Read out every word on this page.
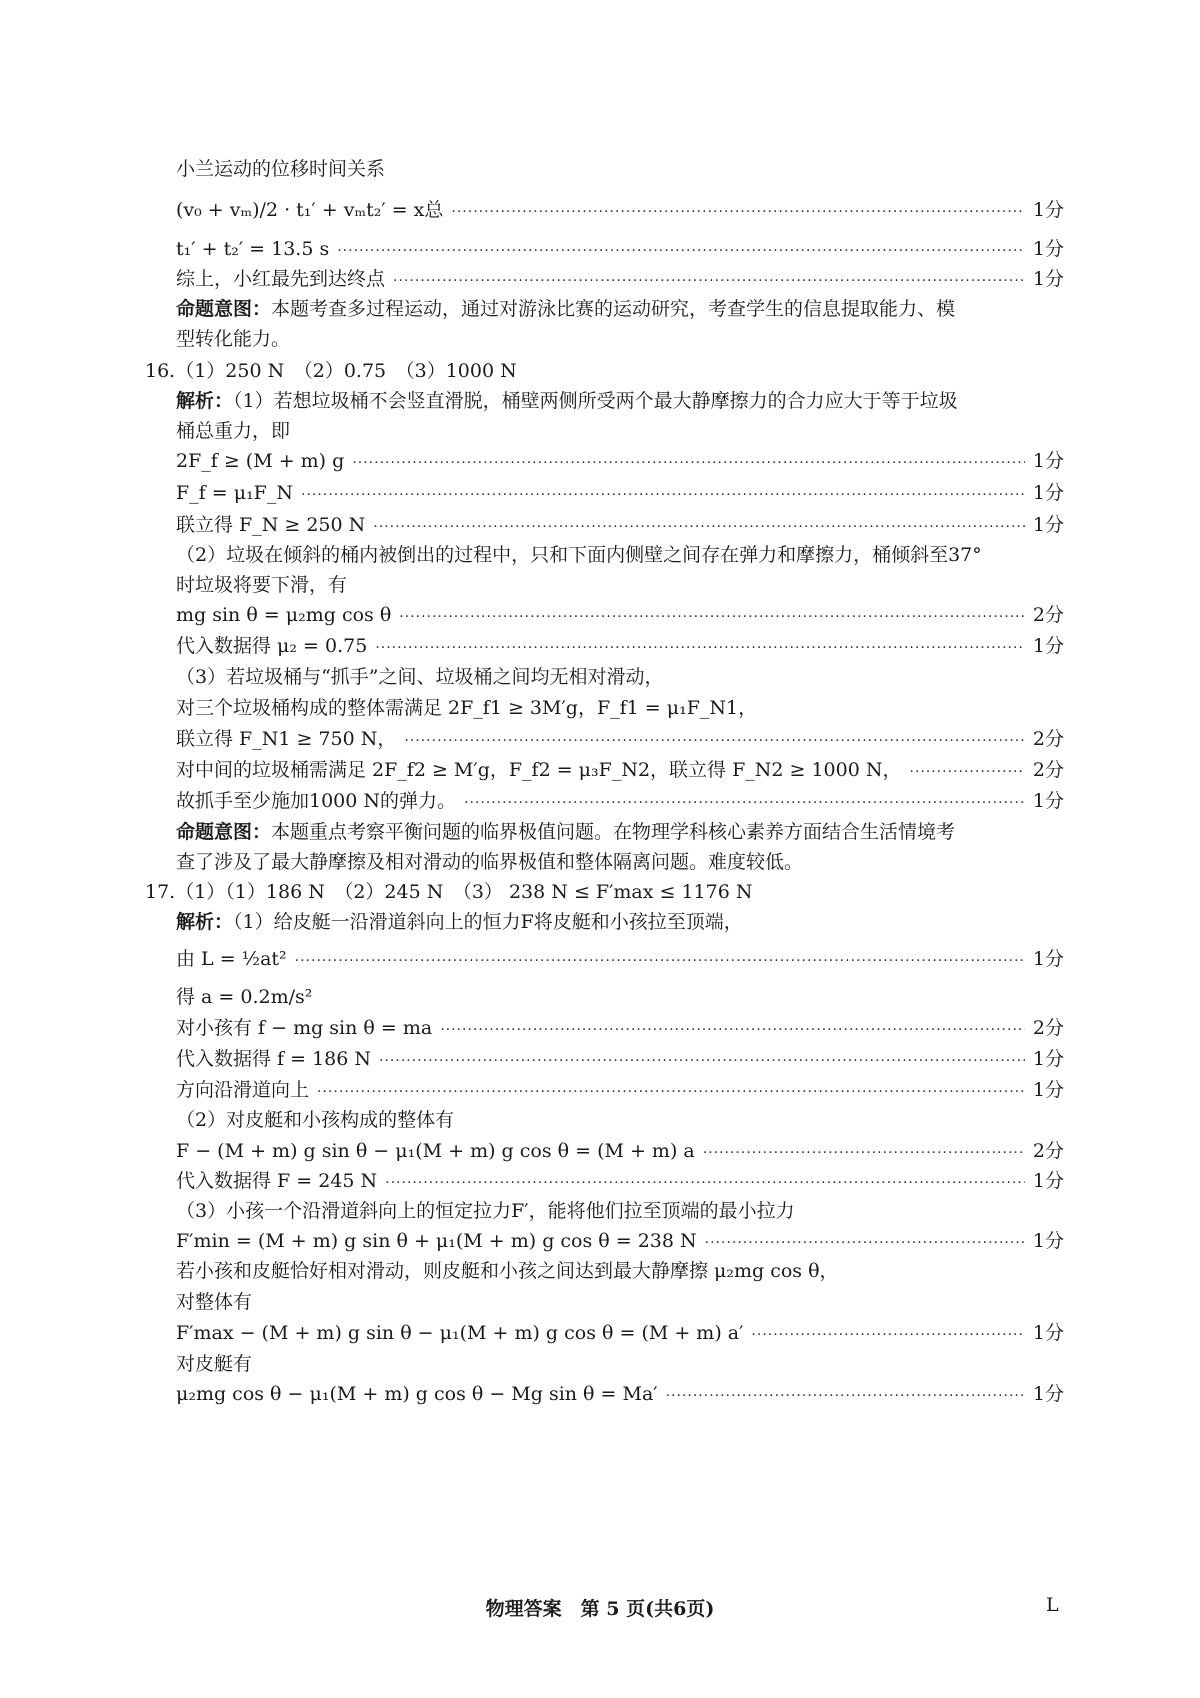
小兰运动的位移时间关系
(v₀ + vₘ)/2 · t₁′ + vₘt₂′ = x总 ·····	1分
t₁′ + t₂′ = 13.5 s ·····	1分
综上，小红最先到达终点 ·····	1分
命题意图：本题考查多过程运动，通过对游泳比赛的运动研究，考查学生的信息提取能力、模
型转化能力。
16.（1）250 N　（2）0.75　（3）1000 N
解析：（1）若想垃圾桶不会竖直滑脱，桶壁两侧所受两个最大静摩擦力的合力应大于等于垃圾
桶总重力，即
2F_f ≥ (M + m) g ·····	1分
F_f = μ₁F_N ·····	1分
联立得 F_N ≥ 250 N ·····	1分
（2）垃圾在倾斜的桶内被倒出的过程中，只和下面内侧壁之间存在弹力和摩擦力，桶倾斜至37°
时垃圾将要下滑，有
mg sin θ = μ₂mg cos θ ·····	2分
代入数据得 μ₂ = 0.75 ·····	1分
（3）若垃圾桶与“抓手”之间、垃圾桶之间均无相对滑动，
对三个垃圾桶构成的整体需满足 2F_f1 ≥ 3M′g，F_f1 = μ₁F_N1，
联立得 F_N1 ≥ 750 N， ·····	2分
对中间的垃圾桶需满足 2F_f2 ≥ M′g，F_f2 = μ₃F_N2，联立得 F_N2 ≥ 1000 N， ·····	2分
故抓手至少施加1000 N的弹力。 ·····	1分
命题意图：本题重点考察平衡问题的临界极值问题。在物理学科核心素养方面结合生活情境考
查了涉及了最大静摩擦及相对滑动的临界极值和整体隔离问题。难度较低。
17.（1）（1）186 N　（2）245 N　（3） 238 N ≤ F′max ≤ 1176 N
解析：（1）给皮艇一沿滑道斜向上的恒力F将皮艇和小孩拉至顶端，
由 L = ½at² ·····	1分
得 a = 0.2m/s²
对小孩有 f − mg sin θ = ma ·····	2分
代入数据得 f = 186 N ·····	1分
方向沿滑道向上 ·····	1分
（2）对皮艇和小孩构成的整体有
F − (M + m) g sin θ − μ₁(M + m) g cos θ = (M + m) a ·····	2分
代入数据得 F = 245 N ·····	1分
（3）小孩一个沿滑道斜向上的恒定拉力F′，能将他们拉至顶端的最小拉力
F′min = (M + m) g sin θ + μ₁(M + m) g cos θ = 238 N ·····	1分
若小孩和皮艇恰好相对滑动，则皮艇和小孩之间达到最大静摩擦 μ₂mg cos θ，
对整体有
F′max − (M + m) g sin θ − μ₁(M + m) g cos θ = (M + m) a′ ·····	1分
对皮艇有
μ₂mg cos θ − μ₁(M + m) g cos θ − Mg sin θ = Ma′ ·····	1分
物理答案　第 5 页(共6页)	L
